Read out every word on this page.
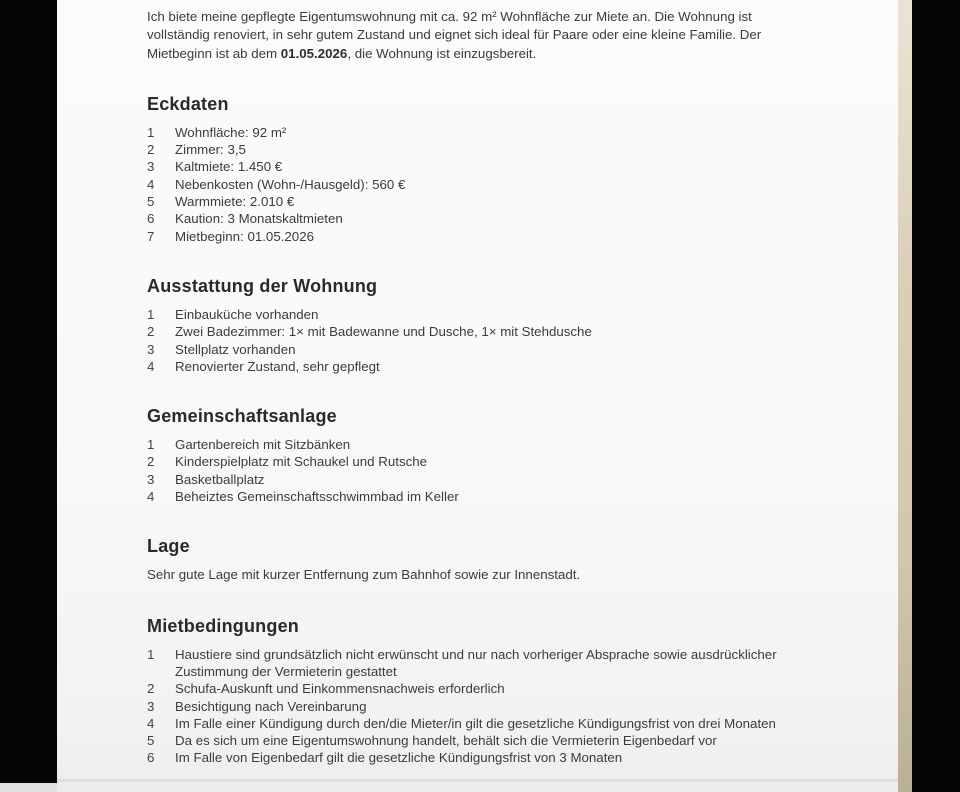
Ich biete meine gepflegte Eigentumswohnung mit ca. 92 m² Wohnfläche zur Miete an. Die Wohnung ist vollständig renoviert, in sehr gutem Zustand und eignet sich ideal für Paare oder eine kleine Familie. Der Mietbeginn ist ab dem 01.05.2026, die Wohnung ist einzugsbereit.

Eckdaten
1	Wohnfläche: 92 m²
2	Zimmer: 3,5
3	Kaltmiete: 1.450 €
4	Nebenkosten (Wohn-/Hausgeld): 560 €
5	Warmmiete: 2.010 €
6	Kaution: 3 Monatskaltmieten
7	Mietbeginn: 01.05.2026
Ausstattung der Wohnung
1	Einbauküche vorhanden
2	Zwei Badezimmer: 1× mit Badewanne und Dusche, 1× mit Stehdusche
3	Stellplatz vorhanden
4	Renovierter Zustand, sehr gepflegt
Gemeinschaftsanlage
1	Gartenbereich mit Sitzbänken
2	Kinderspielplatz mit Schaukel und Rutsche
3	Basketballplatz
4	Beheiztes Gemeinschaftsschwimmbad im Keller
Lage

Sehr gute Lage mit kurzer Entfernung zum Bahnhof sowie zur Innenstadt.

Mietbedingungen
1	Haustiere sind grundsätzlich nicht erwünscht und nur nach vorheriger Absprache sowie ausdrücklicher Zustimmung der Vermieterin gestattet
2	Schufa-Auskunft und Einkommensnachweis erforderlich
3	Besichtigung nach Vereinbarung
4	Im Falle einer Kündigung durch den/die Mieter/in gilt die gesetzliche Kündigungsfrist von drei Monaten
5	Da es sich um eine Eigentumswohnung handelt, behält sich die Vermieterin Eigenbedarf vor
6	Im Falle von Eigenbedarf gilt die gesetzliche Kündigungsfrist von 3 Monaten
